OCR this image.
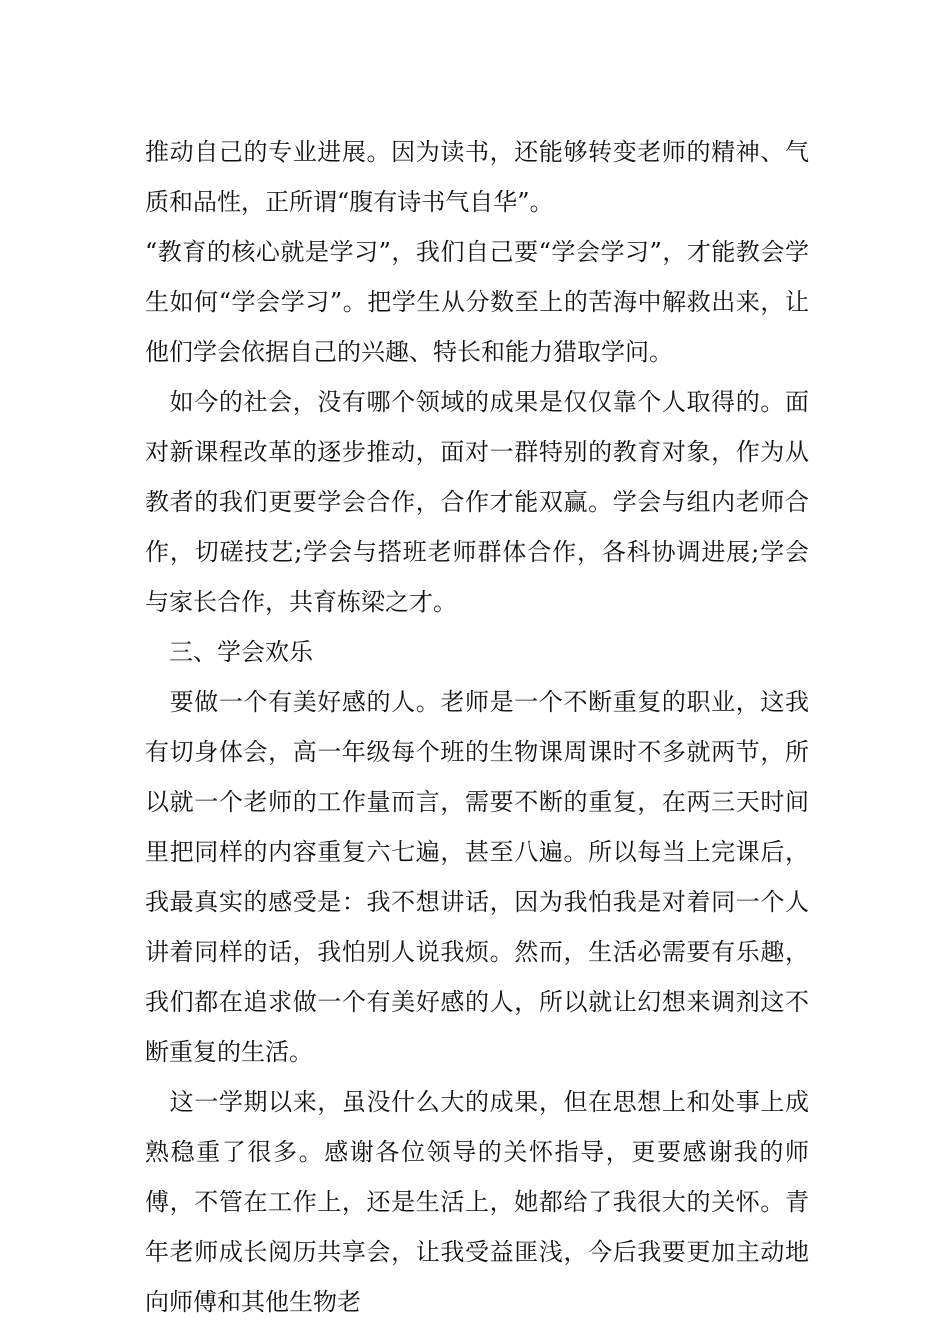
推动自己的专业进展。因为读书，还能够转变老师的精神、气质和品性，正所谓“腹有诗书气自华”。

“教育的核心就是学习”，我们自己要“学会学习”，才能教会学生如何“学会学习”。把学生从分数至上的苦海中解救出来，让他们学会依据自己的兴趣、特长和能力猎取学问。

　如今的社会，没有哪个领域的成果是仅仅靠个人取得的。面对新课程改革的逐步推动，面对一群特别的教育对象，作为从教者的我们更要学会合作，合作才能双赢。学会与组内老师合作，切磋技艺;学会与搭班老师群体合作，各科协调进展;学会与家长合作，共育栋梁之才。

　三、学会欢乐

　要做一个有美好感的人。老师是一个不断重复的职业，这我有切身体会，高一年级每个班的生物课周课时不多就两节，所以就一个老师的工作量而言，需要不断的重复，在两三天时间里把同样的内容重复六七遍，甚至八遍。所以每当上完课后，我最真实的感受是：我不想讲话，因为我怕我是对着同一个人讲着同样的话，我怕别人说我烦。然而，生活必需要有乐趣，我们都在追求做一个有美好感的人，所以就让幻想来调剂这不断重复的生活。

　这一学期以来，虽没什么大的成果，但在思想上和处事上成熟稳重了很多。感谢各位领导的关怀指导，更要感谢我的师傅，不管在工作上，还是生活上，她都给了我很大的关怀。青年老师成长阅历共享会，让我受益匪浅，今后我要更加主动地向师傅和其他生物老
